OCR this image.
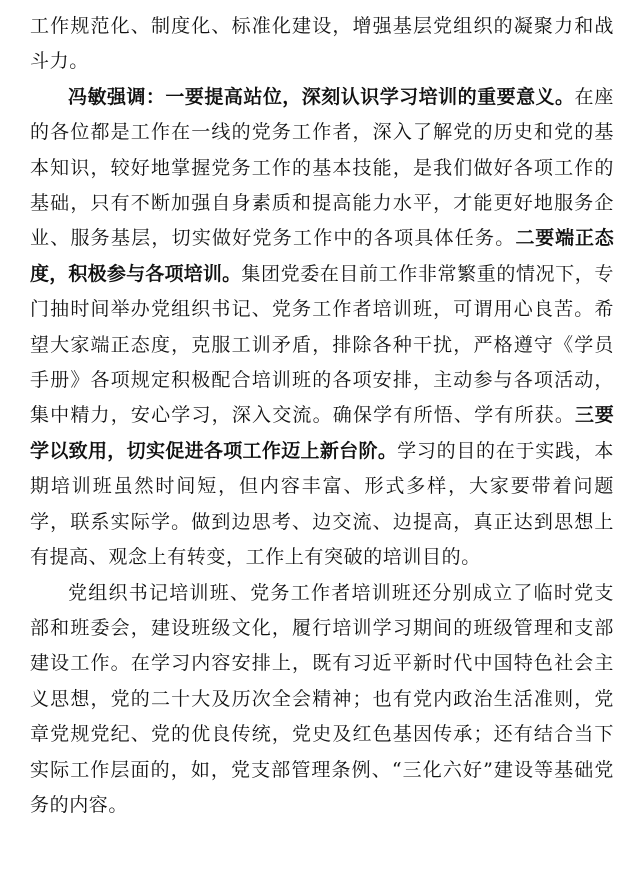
工作规范化、制度化、标准化建设，增强基层党组织的凝聚力和战斗力。

冯敏强调：一要提高站位，深刻认识学习培训的重要意义。在座的各位都是工作在一线的党务工作者，深入了解党的历史和党的基本知识，较好地掌握党务工作的基本技能，是我们做好各项工作的基础，只有不断加强自身素质和提高能力水平，才能更好地服务企业、服务基层，切实做好党务工作中的各项具体任务。二要端正态度，积极参与各项培训。集团党委在目前工作非常繁重的情况下，专门抽时间举办党组织书记、党务工作者培训班，可谓用心良苦。希望大家端正态度，克服工训矛盾，排除各种干扰，严格遵守《学员手册》各项规定积极配合培训班的各项安排，主动参与各项活动，集中精力，安心学习，深入交流。确保学有所悟、学有所获。三要学以致用，切实促进各项工作迈上新台阶。学习的目的在于实践，本期培训班虽然时间短，但内容丰富、形式多样，大家要带着问题学，联系实际学。做到边思考、边交流、边提高，真正达到思想上有提高、观念上有转变，工作上有突破的培训目的。

党组织书记培训班、党务工作者培训班还分别成立了临时党支部和班委会，建设班级文化，履行培训学习期间的班级管理和支部建设工作。在学习内容安排上，既有习近平新时代中国特色社会主义思想，党的二十大及历次全会精神；也有党内政治生活准则，党章党规党纪、党的优良传统，党史及红色基因传承；还有结合当下实际工作层面的，如，党支部管理条例、“三化六好”建设等基础党务的内容。
